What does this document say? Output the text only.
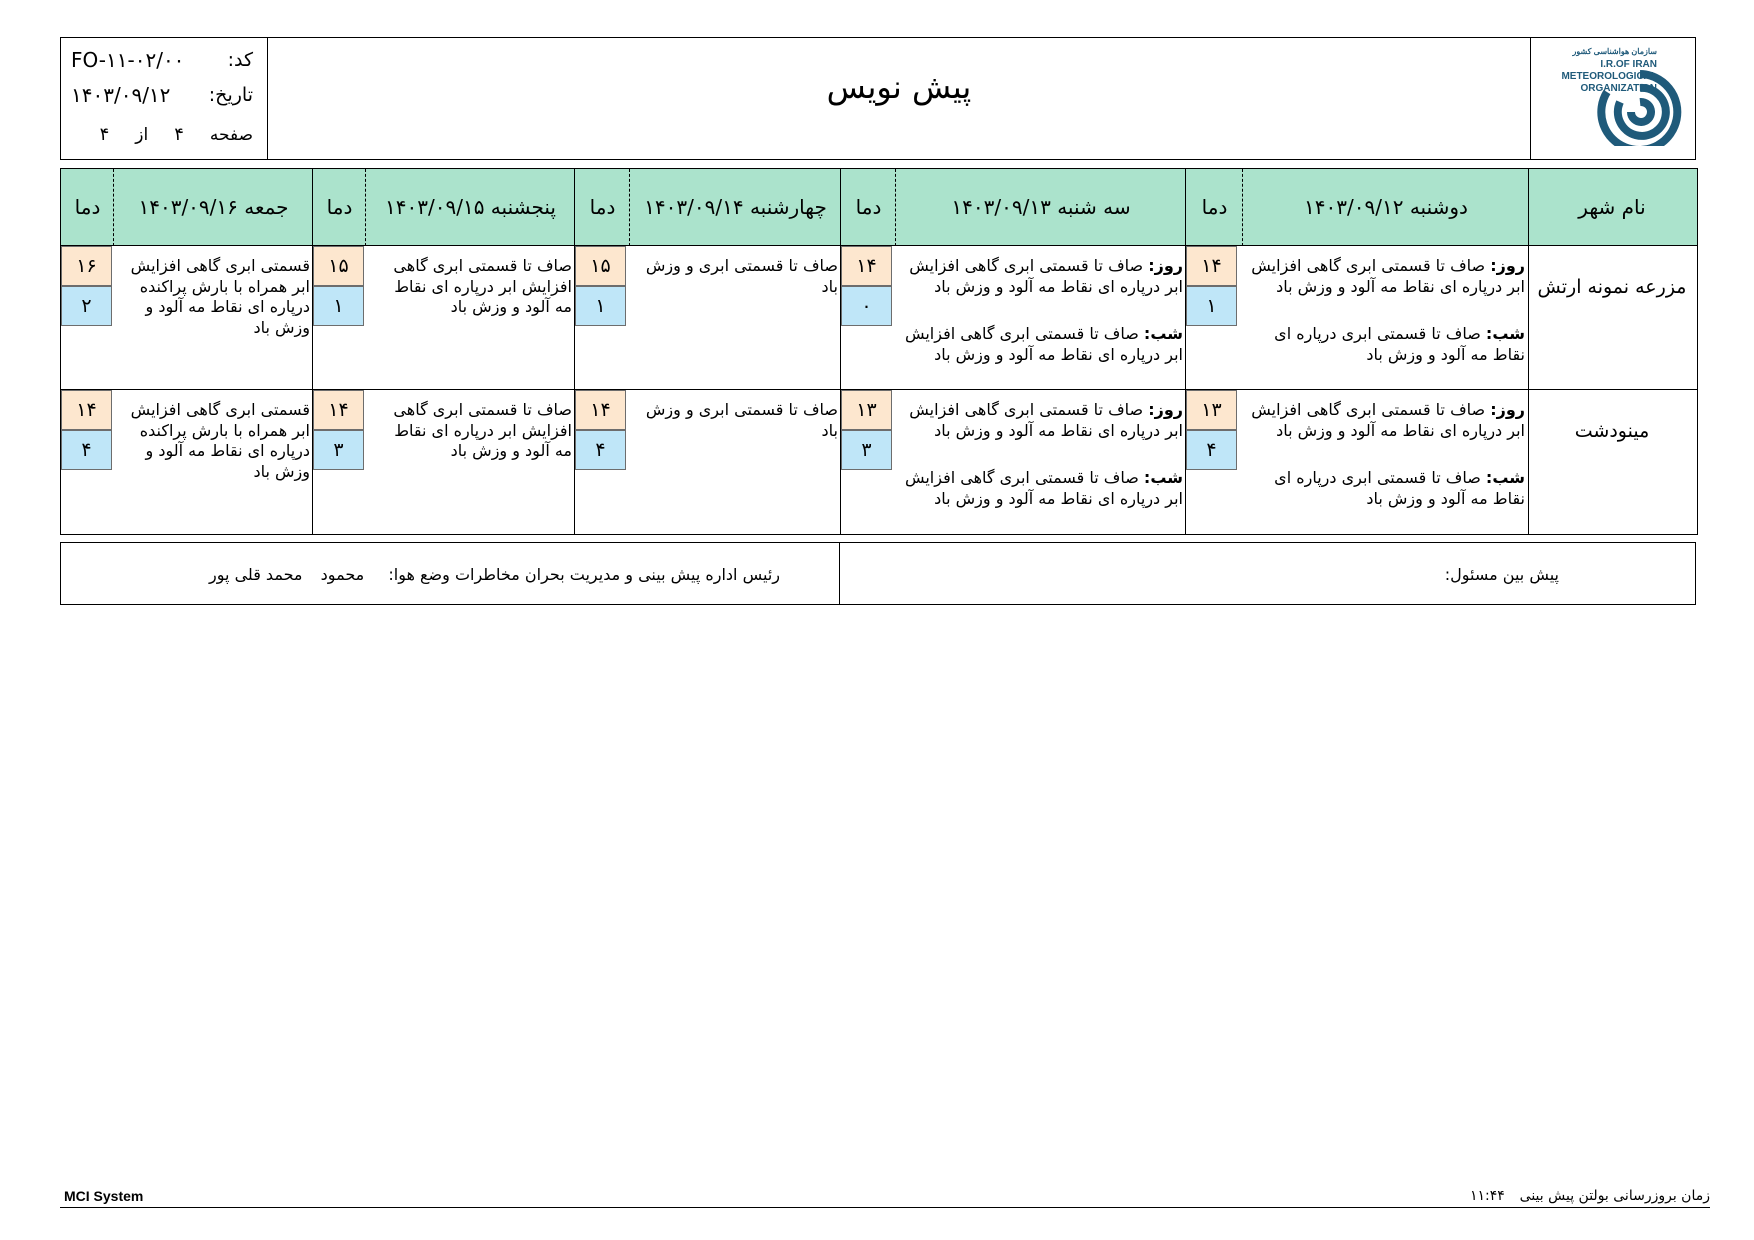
کد:
FO-۱۱-۰۲/۰۰
تاریخ:
۱۴۰۳/۰۹/۱۲
صفحه
۴
از
۴
پیش نویس
سازمان هواشناسی کشور
I.R.OF IRAN
METEOROLOGICAL
ORGANIZATION
نام شهر
دوشنبه ۱۴۰۳/۰۹/۱۲
دما
سه شنبه ۱۴۰۳/۰۹/۱۳
دما
چهارشنبه ۱۴۰۳/۰۹/۱۴
دما
پنجشنبه ۱۴۰۳/۰۹/۱۵
دما
جمعه ۱۴۰۳/۰۹/۱۶
دما
مزرعه نمونه ارتش
روز: صاف تا قسمتی ابری گاهی افزایش ابر درپاره ای نقاط مه آلود و وزش باد
شب: صاف تا قسمتی ابری درپاره ای نقاط مه آلود و وزش باد
۱۴
۱
روز: صاف تا قسمتی ابری گاهی افزایش ابر درپاره ای نقاط مه آلود و وزش باد
شب: صاف تا قسمتی ابری گاهی افزایش ابر درپاره ای نقاط مه آلود و وزش باد
۱۴
۰
صاف تا قسمتی ابری و وزش باد
۱۵
۱
صاف تا قسمتی ابری گاهی افزایش ابر درپاره ای نقاط مه آلود و وزش باد
۱۵
۱
قسمتی ابری گاهی افزایش ابر همراه با بارش پراکنده درپاره ای نقاط مه آلود و وزش باد
۱۶
۲
مینودشت
روز: صاف تا قسمتی ابری گاهی افزایش ابر درپاره ای نقاط مه آلود و وزش باد
شب: صاف تا قسمتی ابری درپاره ای نقاط مه آلود و وزش باد
۱۳
۴
روز: صاف تا قسمتی ابری گاهی افزایش ابر درپاره ای نقاط مه آلود و وزش باد
شب: صاف تا قسمتی ابری گاهی افزایش ابر درپاره ای نقاط مه آلود و وزش باد
۱۳
۳
صاف تا قسمتی ابری و وزش باد
۱۴
۴
صاف تا قسمتی ابری گاهی افزایش ابر درپاره ای نقاط مه آلود و وزش باد
۱۴
۳
قسمتی ابری گاهی افزایش ابر همراه با بارش پراکنده درپاره ای نقاط مه آلود و وزش باد
۱۴
۴
پیش بین مسئول:
رئیس اداره پیش بینی و مدیریت بحران مخاطرات وضع هوا:  محمود  محمد قلی پور
MCI System	زمان بروزرسانی بولتن پیش بینی  ۱۱:۴۴
